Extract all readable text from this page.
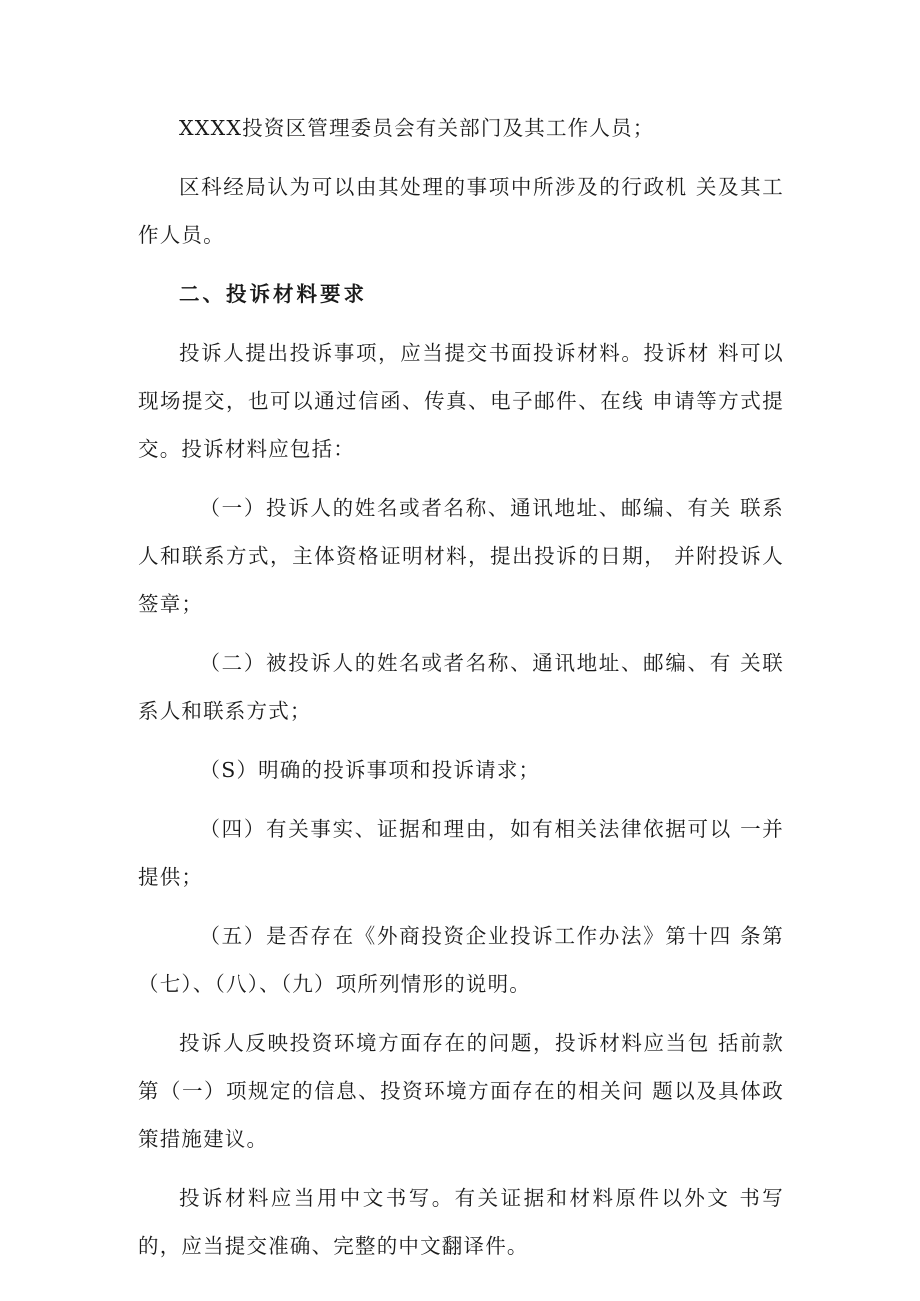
XXXX投资区管理委员会有关部门及其工作人员；

区科经局认为可以由其处理的事项中所涉及的行政机 关及其工作人员。

二、投诉材料要求

投诉人提出投诉事项，应当提交书面投诉材料。投诉材 料可以现场提交，也可以通过信函、传真、电子邮件、在线 申请等方式提交。投诉材料应包括：

（一）投诉人的姓名或者名称、通讯地址、邮编、有关 联系人和联系方式，主体资格证明材料，提出投诉的日期， 并附投诉人签章；

（二）被投诉人的姓名或者名称、通讯地址、邮编、有 关联系人和联系方式；

（S）明确的投诉事项和投诉请求；

（四）有关事实、证据和理由，如有相关法律依据可以 一并提供；

（五）是否存在《外商投资企业投诉工作办法》第十四 条第（七）、（八）、（九）项所列情形的说明。

投诉人反映投资环境方面存在的问题，投诉材料应当包 括前款第（一）项规定的信息、投资环境方面存在的相关问 题以及具体政策措施建议。

投诉材料应当用中文书写。有关证据和材料原件以外文 书写的，应当提交准确、完整的中文翻译件。
